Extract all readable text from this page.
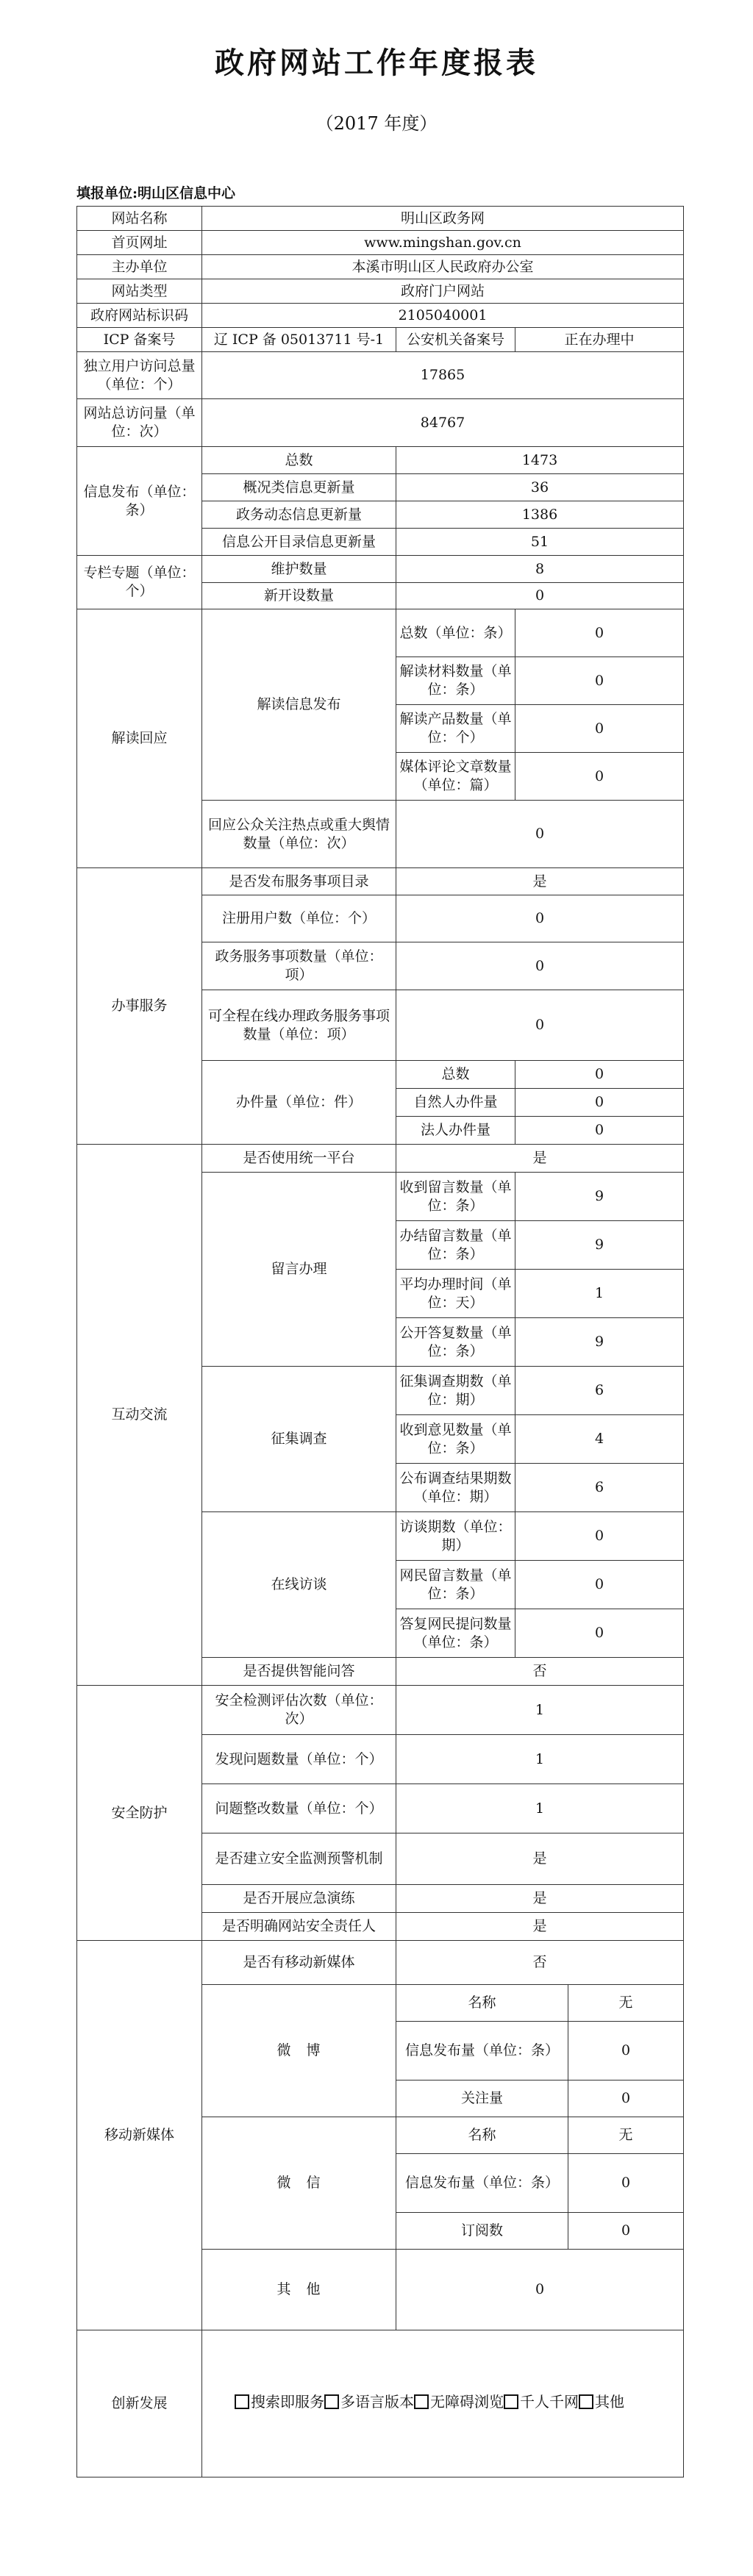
政府网站工作年度报表
（2017 年度）
填报单位:明山区信息中心
网站名称	明山区政务网			
首页网址	www.mingshan.gov.cn			
主办单位	本溪市明山区人民政府办公室			
网站类型	政府门户网站			
政府网站标识码	2105040001			
ICP 备案号	辽 ICP 备 05013711 号-1	公安机关备案号	正在办理中	
独立用户访问总量（单位：个）	17865			
网站总访问量（单位：次）	84767			
信息发布（单位：条）	总数	1473		
	概况类信息更新量	36		
	政务动态信息更新量	1386		
	信息公开目录信息更新量	51		
专栏专题（单位：个）	维护数量	8		
	新开设数量	0		
解读回应	解读信息发布	总数（单位：条）	0	
		解读材料数量（单位：条）	0	
		解读产品数量（单位：个）	0	
		媒体评论文章数量（单位：篇）	0	
	回应公众关注热点或重大舆情数量（单位：次）	0		
办事服务	是否发布服务事项目录	是		
	注册用户数（单位：个）	0		
	政务服务事项数量（单位：项）	0		
	可全程在线办理政务服务事项数量（单位：项）	0		
	办件量（单位：件）	总数	0	
		自然人办件量	0	
		法人办件量	0	
互动交流	是否使用统一平台	是		
	留言办理	收到留言数量（单位：条）	9	
		办结留言数量（单位：条）	9	
		平均办理时间（单位：天）	1	
		公开答复数量（单位：条）	9	
	征集调查	征集调查期数（单位：期）	6	
		收到意见数量（单位：条）	4	
		公布调查结果期数（单位：期）	6	
	在线访谈	访谈期数（单位：期）	0	
		网民留言数量（单位：条）	0	
		答复网民提问数量（单位：条）	0	
	是否提供智能问答	否		
安全防护	安全检测评估次数（单位：次）	1		
	发现问题数量（单位：个）	1		
	问题整改数量（单位：个）	1		
	是否建立安全监测预警机制	是		
	是否开展应急演练	是		
	是否明确网站安全责任人	是		
移动新媒体	是否有移动新媒体	否		
	微　博	名称		无
		信息发布量（单位：条）		0
		关注量		0
	微　信	名称		无
		信息发布量（单位：条）		0
		订阅数		0
	其　他	0		
创新发展	搜索即服务 多语言版本 无障碍浏览 千人千网 其他			
